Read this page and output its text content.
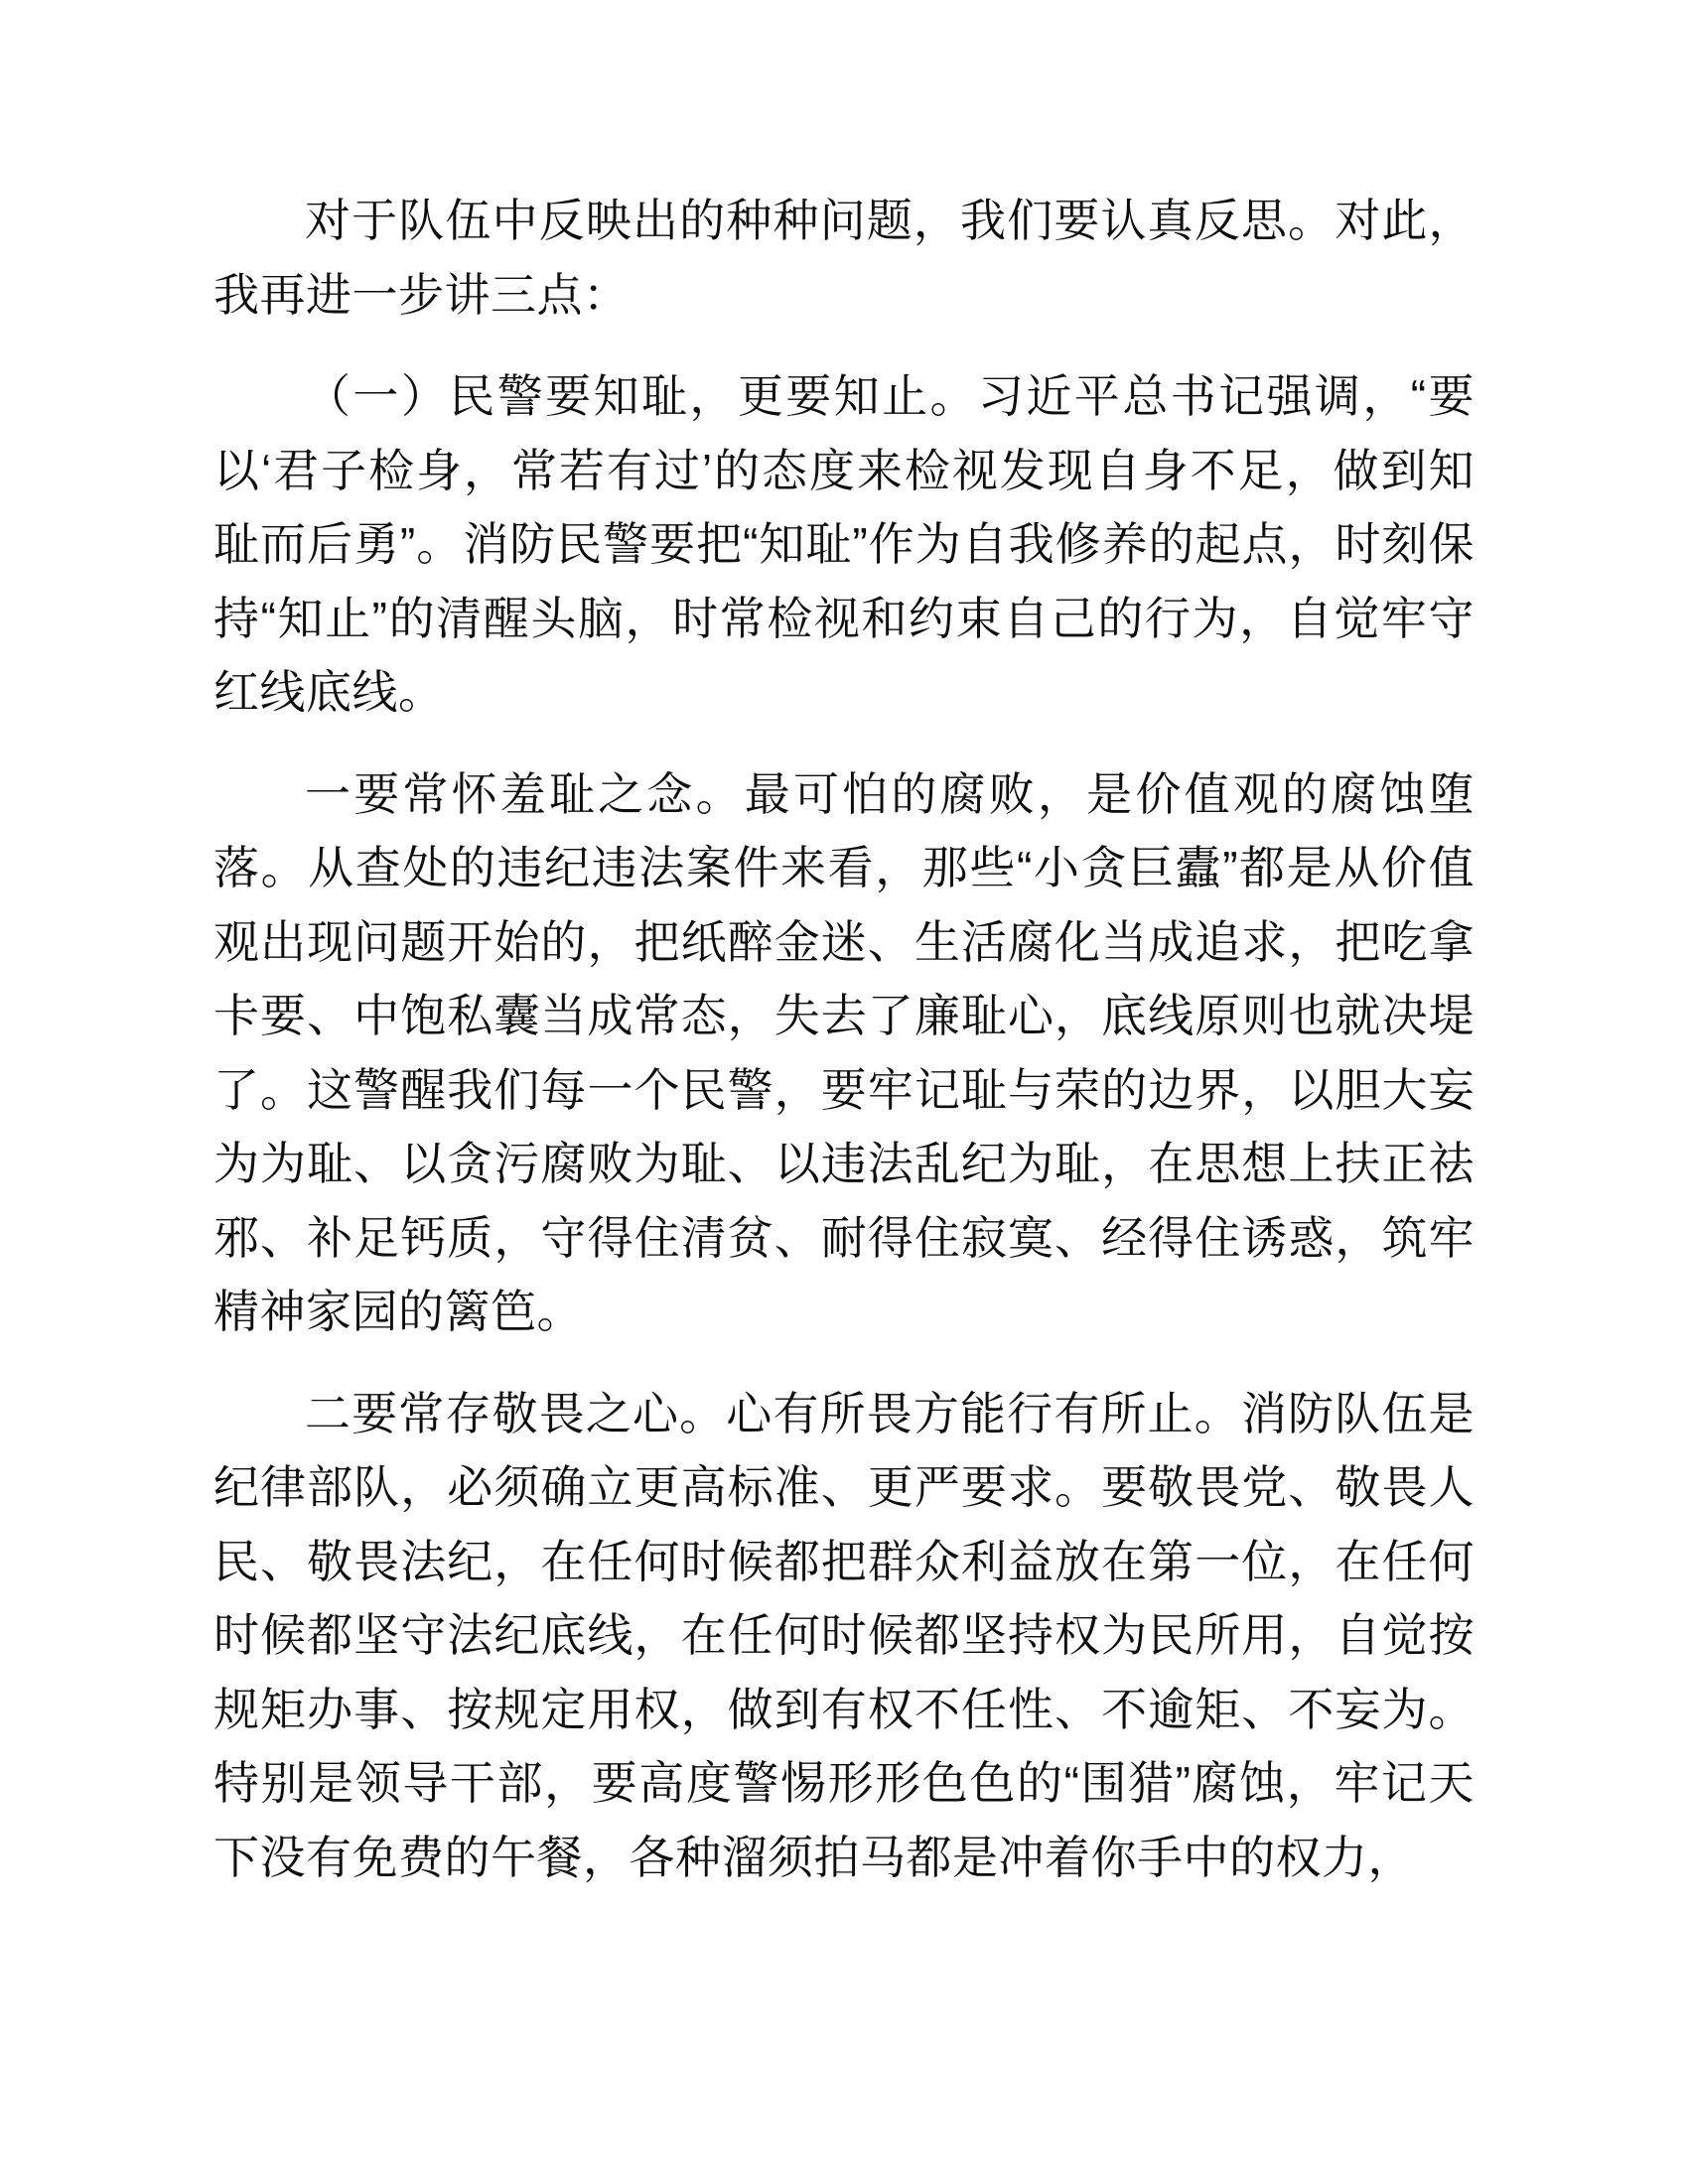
对于队伍中反映出的种种问题，我们要认真反思。对此，我再进一步讲三点：

（一）民警要知耻，更要知止。习近平总书记强调，“要以‘君子检身，常若有过’的态度来检视发现自身不足，做到知耻而后勇”。消防民警要把“知耻”作为自我修养的起点，时刻保持“知止”的清醒头脑，时常检视和约束自己的行为，自觉牢守红线底线。

一要常怀羞耻之念。最可怕的腐败，是价值观的腐蚀堕落。从查处的违纪违法案件来看，那些“小贪巨蠹”都是从价值观出现问题开始的，把纸醉金迷、生活腐化当成追求，把吃拿卡要、中饱私囊当成常态，失去了廉耻心，底线原则也就决堤了。这警醒我们每一个民警，要牢记耻与荣的边界，以胆大妄为为耻、以贪污腐败为耻、以违法乱纪为耻，在思想上扶正祛邪、补足钙质，守得住清贫、耐得住寂寞、经得住诱惑，筑牢精神家园的篱笆。

二要常存敬畏之心。心有所畏方能行有所止。消防队伍是纪律部队，必须确立更高标准、更严要求。要敬畏党、敬畏人民、敬畏法纪，在任何时候都把群众利益放在第一位，在任何时候都坚守法纪底线，在任何时候都坚持权为民所用，自觉按规矩办事、按规定用权，做到有权不任性、不逾矩、不妄为。特别是领导干部，要高度警惕形形色色的“围猎”腐蚀，牢记天下没有免费的午餐，各种溜须拍马都是冲着你手中的权力，
